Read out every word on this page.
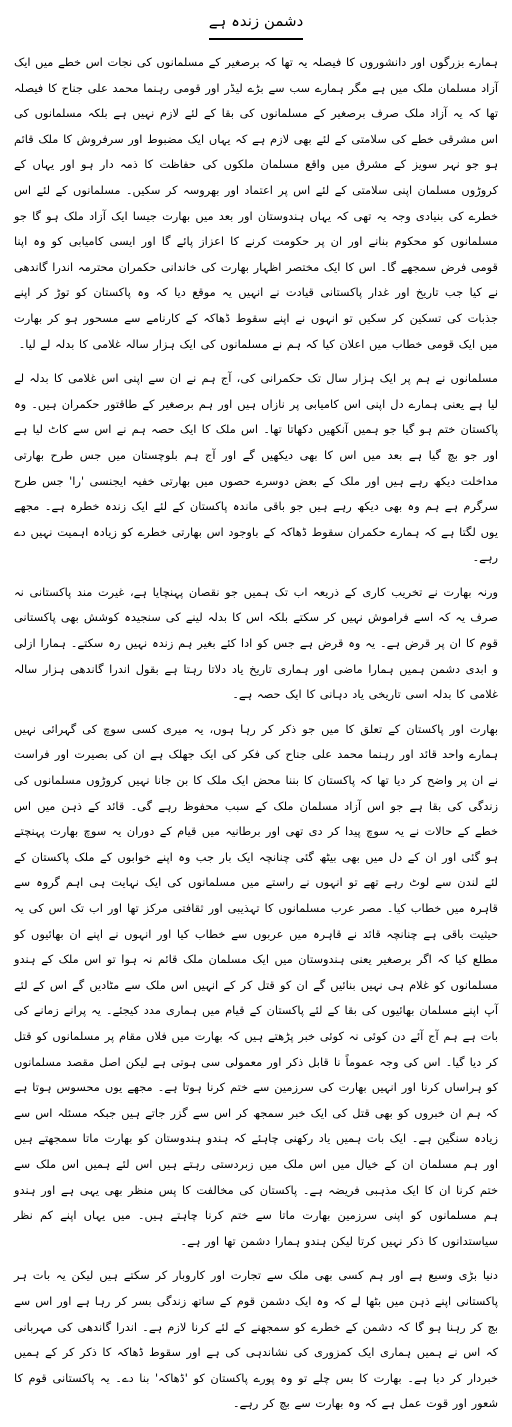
دشمن زندہ ہے

ہمارے بزرگوں اور دانشوروں کا فیصلہ یہ تھا کہ برصغیر کے مسلمانوں کی نجات اس خطے میں ایک آزاد مسلمان ملک میں ہے مگر ہمارے سب سے بڑے لیڈر اور قومی رہنما محمد علی جناح کا فیصلہ تھا کہ یہ آزاد ملک صرف برصغیر کے مسلمانوں کی بقا کے لئے لازم نہیں ہے بلکہ مسلمانوں کی اس مشرقی خطے کی سلامتی کے لئے بھی لازم ہے کہ یہاں ایک مضبوط اور سرفروش کا ملک قائم ہو جو نہر سویز کے مشرق میں واقع مسلمان ملکوں کی حفاظت کا ذمہ دار ہو اور یہاں کے کروڑوں مسلمان اپنی سلامتی کے لئے اس پر اعتماد اور بھروسہ کر سکیں۔ مسلمانوں کے لئے اس خطرے کی بنیادی وجہ یہ تھی کہ یہاں ہندوستان اور بعد میں بھارت جیسا ایک آزاد ملک ہو گا جو مسلمانوں کو محکوم بنانے اور ان پر حکومت کرنے کا اعزاز پائے گا اور ایسی کامیابی کو وہ اپنا قومی فرض سمجھے گا۔ اس کا ایک مختصر اظہار بھارت کی خاندانی حکمران محترمہ اندرا گاندھی نے کیا جب تاریخ اور غدار پاکستانی قیادت نے انہیں یہ موقع دیا کہ وہ پاکستان کو توڑ کر اپنے جذبات کی تسکین کر سکیں تو انہوں نے اپنے سقوط ڈھاکہ کے کارنامے سے مسحور ہو کر بھارت میں ایک قومی خطاب میں اعلان کیا کہ ہم نے مسلمانوں کی ایک ہزار سالہ غلامی کا بدلہ لے لیا۔

مسلمانوں نے ہم پر ایک ہزار سال تک حکمرانی کی، آج ہم نے ان سے اپنی اس غلامی کا بدلہ لے لیا ہے یعنی ہمارے دل اپنی اس کامیابی پر نازاں ہیں اور ہم برصغیر کے طاقتور حکمران ہیں۔ وہ پاکستان ختم ہو گیا جو ہمیں آنکھیں دکھاتا تھا۔ اس ملک کا ایک حصہ ہم نے اس سے کاٹ لیا ہے اور جو بچ گیا ہے بعد میں اس کا بھی دیکھیں گے اور آج ہم بلوچستان میں جس طرح بھارتی مداخلت دیکھ رہے ہیں اور ملک کے بعض دوسرے حصوں میں بھارتی خفیہ ایجنسی 'را' جس طرح سرگرم ہے ہم وہ بھی دیکھ رہے ہیں جو باقی ماندہ پاکستان کے لئے ایک زندہ خطرہ ہے۔ مجھے یوں لگتا ہے کہ ہمارے حکمران سقوط ڈھاکہ کے باوجود اس بھارتی خطرے کو زیادہ اہمیت نہیں دے رہے۔

ورنہ بھارت نے تخریب کاری کے ذریعہ اب تک ہمیں جو نقصان پہنچایا ہے، غیرت مند پاکستانی نہ صرف یہ کہ اسے فراموش نہیں کر سکتے بلکہ اس کا بدلہ لینے کی سنجیدہ کوشش بھی پاکستانی قوم کا ان پر قرض ہے۔ یہ وہ قرض ہے جس کو ادا کئے بغیر ہم زندہ نہیں رہ سکتے۔ ہمارا ازلی و ابدی دشمن ہمیں ہمارا ماضی اور ہماری تاریخ یاد دلاتا رہتا ہے بقول اندرا گاندھی ہزار سالہ غلامی کا بدلہ اسی تاریخی یاد دہانی کا ایک حصہ ہے۔

بھارت اور پاکستان کے تعلق کا میں جو ذکر کر رہا ہوں، یہ میری کسی سوچ کی گہرائی نہیں ہمارے واحد قائد اور رہنما محمد علی جناح کی فکر کی ایک جھلک ہے ان کی بصیرت اور فراست نے ان پر واضح کر دیا تھا کہ پاکستان کا بننا محض ایک ملک کا بن جانا نہیں کروڑوں مسلمانوں کی زندگی کی بقا ہے جو اس آزاد مسلمان ملک کے سبب محفوظ رہے گی۔ قائد کے ذہن میں اس خطے کے حالات نے یہ سوچ پیدا کر دی تھی اور برطانیہ میں قیام کے دوران یہ سوچ بھارت پہنچتے ہو گئی اور ان کے دل میں بھی بیٹھ گئی چنانچہ ایک بار جب وہ اپنے خوابوں کے ملک پاکستان کے لئے لندن سے لوٹ رہے تھے تو انہوں نے راستے میں مسلمانوں کی ایک نہایت ہی اہم گروہ سے قاہرہ میں خطاب کیا۔ مصر عرب مسلمانوں کا تہذیبی اور ثقافتی مرکز تھا اور اب تک اس کی یہ حیثیت باقی ہے چنانچہ قائد نے قاہرہ میں عربوں سے خطاب کیا اور انہوں نے اپنے ان بھائیوں کو مطلع کیا کہ اگر برصغیر یعنی ہندوستان میں ایک مسلمان ملک قائم نہ ہوا تو اس ملک کے ہندو مسلمانوں کو غلام ہی نہیں بنائیں گے ان کو قتل کر کے انہیں اس ملک سے مٹادیں گے اس کے لئے آپ اپنے مسلمان بھائیوں کی بقا کے لئے پاکستان کے قیام میں ہماری مدد کیجئے۔ یہ پرانے زمانے کی بات ہے ہم آج آئے دن کوئی نہ کوئی خبر پڑھتے ہیں کہ بھارت میں فلاں مقام پر مسلمانوں کو قتل کر دیا گیا۔ اس کی وجہ عموماً نا قابل ذکر اور معمولی سی ہوتی ہے لیکن اصل مقصد مسلمانوں کو ہراساں کرنا اور انہیں بھارت کی سرزمین سے ختم کرنا ہوتا ہے۔ مجھے یوں محسوس ہوتا ہے کہ ہم ان خبروں کو بھی قتل کی ایک خبر سمجھ کر اس سے گزر جاتے ہیں جبکہ مسئلہ اس سے زیادہ سنگین ہے۔ ایک بات ہمیں یاد رکھنی چاہئے کہ ہندو ہندوستان کو بھارت ماتا سمجھتے ہیں اور ہم مسلمان ان کے خیال میں اس ملک میں زبردستی رہتے ہیں اس لئے ہمیں اس ملک سے ختم کرنا ان کا ایک مذہبی فریضہ ہے۔ پاکستان کی مخالفت کا پس منظر بھی یہی ہے اور ہندو ہم مسلمانوں کو اپنی سرزمین بھارت ماتا سے ختم کرنا چاہتے ہیں۔ میں یہاں اپنے کم نظر سیاستدانوں کا ذکر نہیں کرتا لیکن ہندو ہمارا دشمن تھا اور ہے۔

دنیا بڑی وسیع ہے اور ہم کسی بھی ملک سے تجارت اور کاروبار کر سکتے ہیں لیکن یہ بات ہر پاکستانی اپنے ذہن میں بٹھا لے کہ وہ ایک دشمن قوم کے ساتھ زندگی بسر کر رہا ہے اور اس سے بچ کر رہنا ہو گا کہ دشمن کے خطرے کو سمجھنے کے لئے کرنا لازم ہے۔ اندرا گاندھی کی مہربانی کہ اس نے ہمیں ہماری ایک کمزوری کی نشاندہی کی ہے اور سقوط ڈھاکہ کا ذکر کر کے ہمیں خبردار کر دیا ہے۔ بھارت کا بس چلے تو وہ پورے پاکستان کو 'ڈھاکہ' بنا دے۔ یہ پاکستانی قوم کا شعور اور قوت عمل ہے کہ وہ بھارت سے بچ کر رہے۔
